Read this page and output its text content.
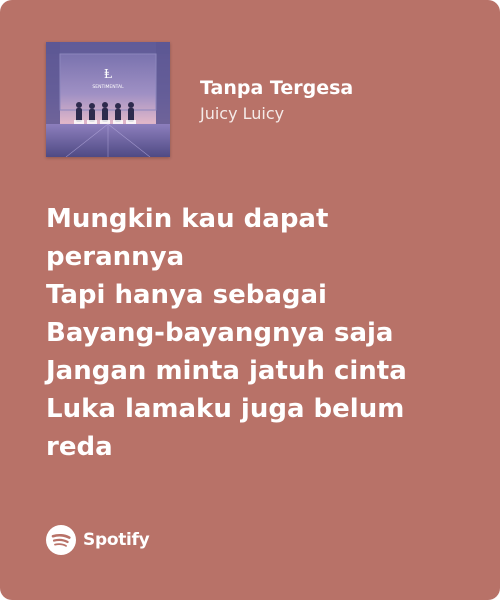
Ⱡ
SENTIMENTAL	Tanpa Tergesa
Juicy Luicy
Mungkin kau dapat
perannya
Tapi hanya sebagai
Bayang-bayangnya saja
Jangan minta jatuh cinta
Luka lamaku juga belum
reda
Spotify
